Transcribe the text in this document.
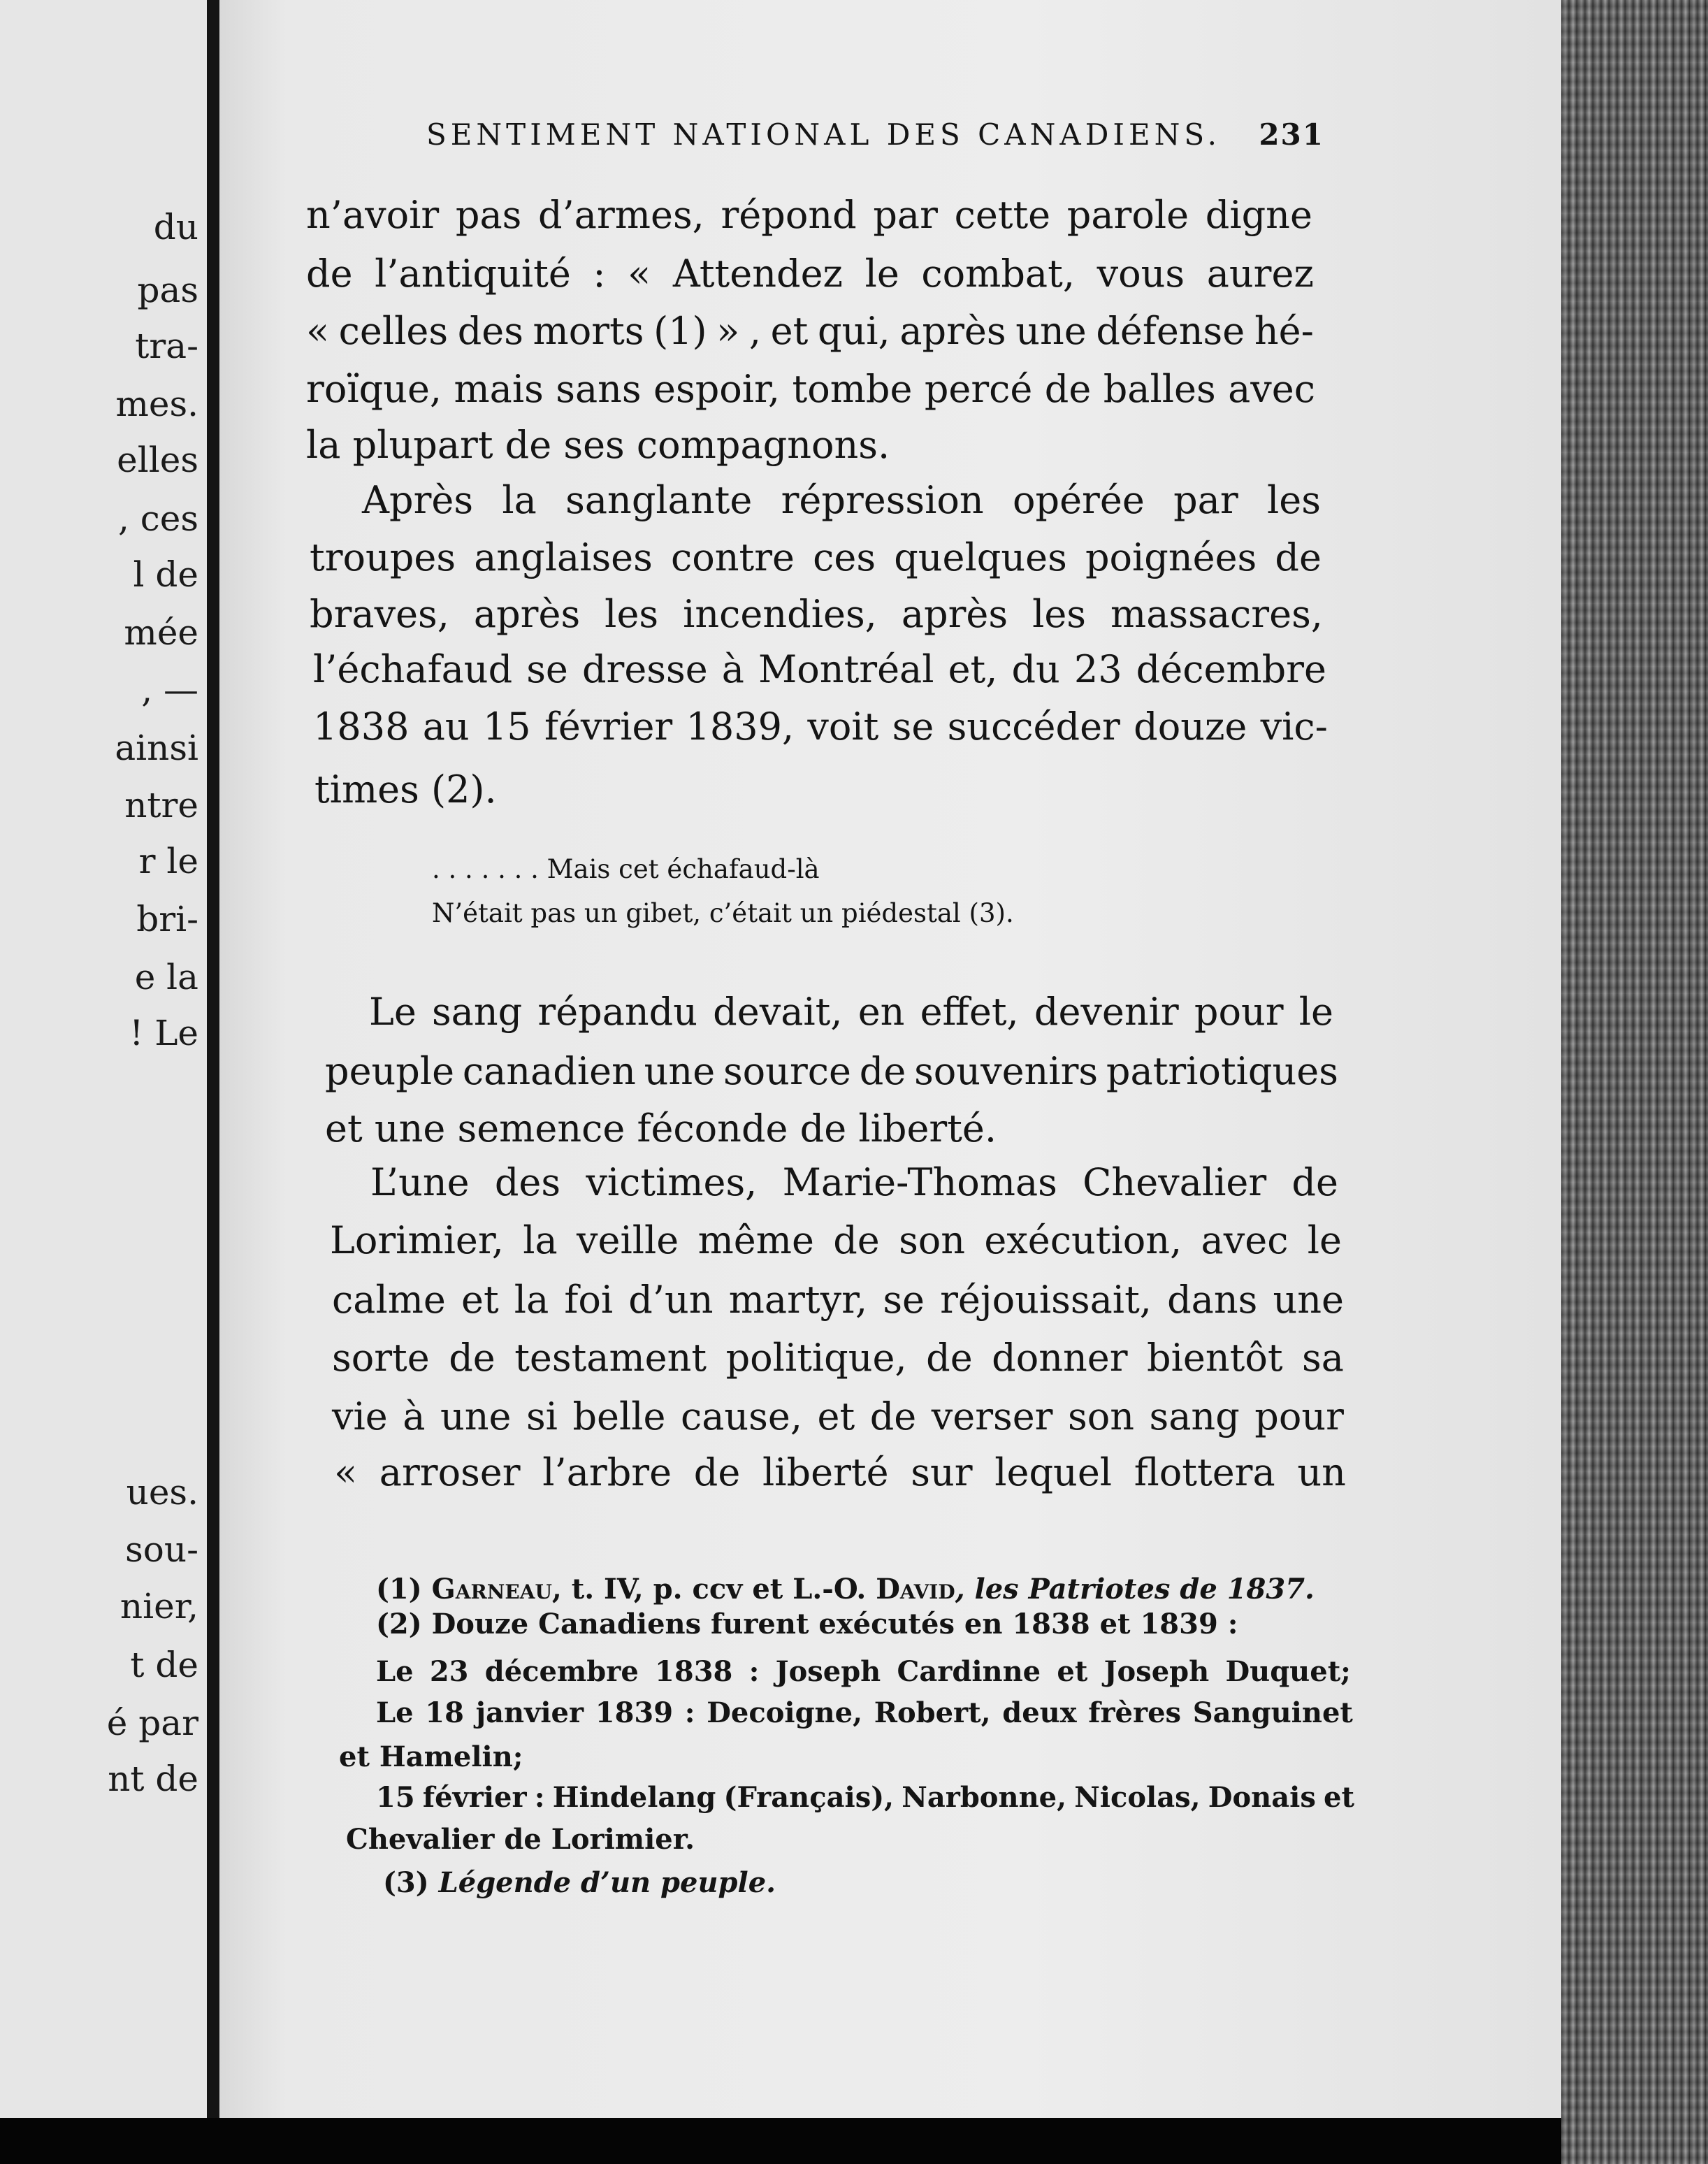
du
pas
tra-
mes.
elles
, ces
l de
mée
, —
ainsi
ntre
r le
bri-
e la
! Le
ues.
sou-
nier,
t de
é par
nt de
SENTIMENT NATIONAL DES CANADIENS. 231
n’avoir pas d’armes, répond par cette parole digne
de l’antiquité : « Attendez le combat, vous aurez
« celles des morts (1) » , et qui, après une défense hé-
roïque, mais sans espoir, tombe percé de balles avec
la plupart de ses compagnons.
Après la sanglante répression opérée par les
troupes anglaises contre ces quelques poignées de
braves, après les incendies, après les massacres,
l’échafaud se dresse à Montréal et, du 23 décembre
1838 au 15 février 1839, voit se succéder douze vic-
times (2).
. . . . . . . Mais cet échafaud-là
N’était pas un gibet, c’était un piédestal (3).
Le sang répandu devait, en effet, devenir pour le
peuple canadien une source de souvenirs patriotiques
et une semence féconde de liberté.
L’une des victimes, Marie-Thomas Chevalier de
Lorimier, la veille même de son exécution, avec le
calme et la foi d’un martyr, se réjouissait, dans une
sorte de testament politique, de donner bientôt sa
vie à une si belle cause, et de verser son sang pour
« arroser l’arbre de liberté sur lequel flottera un
(1) Garneau, t. IV, p. ccv et L.-O. David, les Patriotes de 1837.
(2) Douze Canadiens furent exécutés en 1838 et 1839 :
Le 23 décembre 1838 : Joseph Cardinne et Joseph Duquet;
Le 18 janvier 1839 : Decoigne, Robert, deux frères Sanguinet
et Hamelin;
15 février : Hindelang (Français), Narbonne, Nicolas, Donais et
Chevalier de Lorimier.
(3) Légende d’un peuple.
